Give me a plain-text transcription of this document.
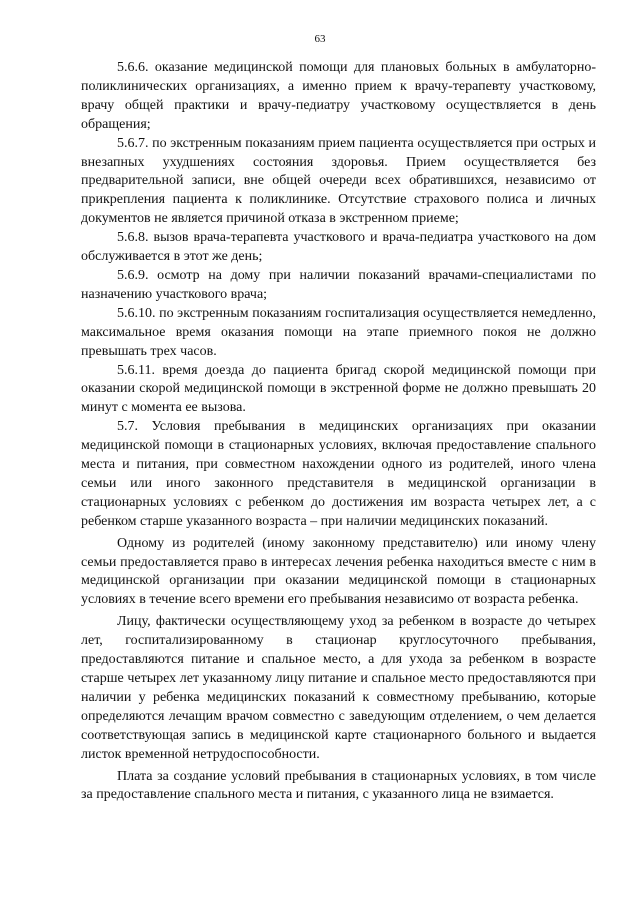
63

5.6.6. оказание медицинской помощи для плановых больных в амбулаторно-поликлинических организациях, а именно прием к врачу-терапевту участковому, врачу общей практики и врачу-педиатру участковому осуществляется в день обращения;

5.6.7. по экстренным показаниям прием пациента осуществляется при острых и внезапных ухудшениях состояния здоровья. Прием осуществляется без предварительной записи, вне общей очереди всех обратившихся, независимо от прикрепления пациента к поликлинике. Отсутствие страхового полиса и личных документов не является причиной отказа в экстренном приеме;

5.6.8. вызов врача-терапевта участкового и врача-педиатра участкового на дом обслуживается в этот же день;

5.6.9. осмотр на дому при наличии показаний врачами-специалистами по назначению участкового врача;

5.6.10. по экстренным показаниям госпитализация осуществляется немедленно, максимальное время оказания помощи на этапе приемного покоя не должно превышать трех часов.

5.6.11. время доезда до пациента бригад скорой медицинской помощи при оказании скорой медицинской помощи в экстренной форме не должно превышать 20 минут с момента ее вызова.

5.7. Условия пребывания в медицинских организациях при оказании медицинской помощи в стационарных условиях, включая предоставление спального места и питания, при совместном нахождении одного из родителей, иного члена семьи или иного законного представителя в медицинской организации в стационарных условиях с ребенком до достижения им возраста четырех лет, а с ребенком старше указанного возраста – при наличии медицинских показаний.

Одному из родителей (иному законному представителю) или иному члену семьи предоставляется право в интересах лечения ребенка находиться вместе с ним в медицинской организации при оказании медицинской помощи в стационарных условиях в течение всего времени его пребывания независимо от возраста ребенка.

Лицу, фактически осуществляющему уход за ребенком в возрасте до четырех лет, госпитализированному в стационар круглосуточного пребывания, предоставляются питание и спальное место, а для ухода за ребенком в возрасте старше четырех лет указанному лицу питание и спальное место предоставляются при наличии у ребенка медицинских показаний к совместному пребыванию, которые определяются лечащим врачом совместно с заведующим отделением, о чем делается соответствующая запись в медицинской карте стационарного больного и выдается листок временной нетрудоспособности.

Плата за создание условий пребывания в стационарных условиях, в том числе за предоставление спального места и питания, с указанного лица не взимается.
